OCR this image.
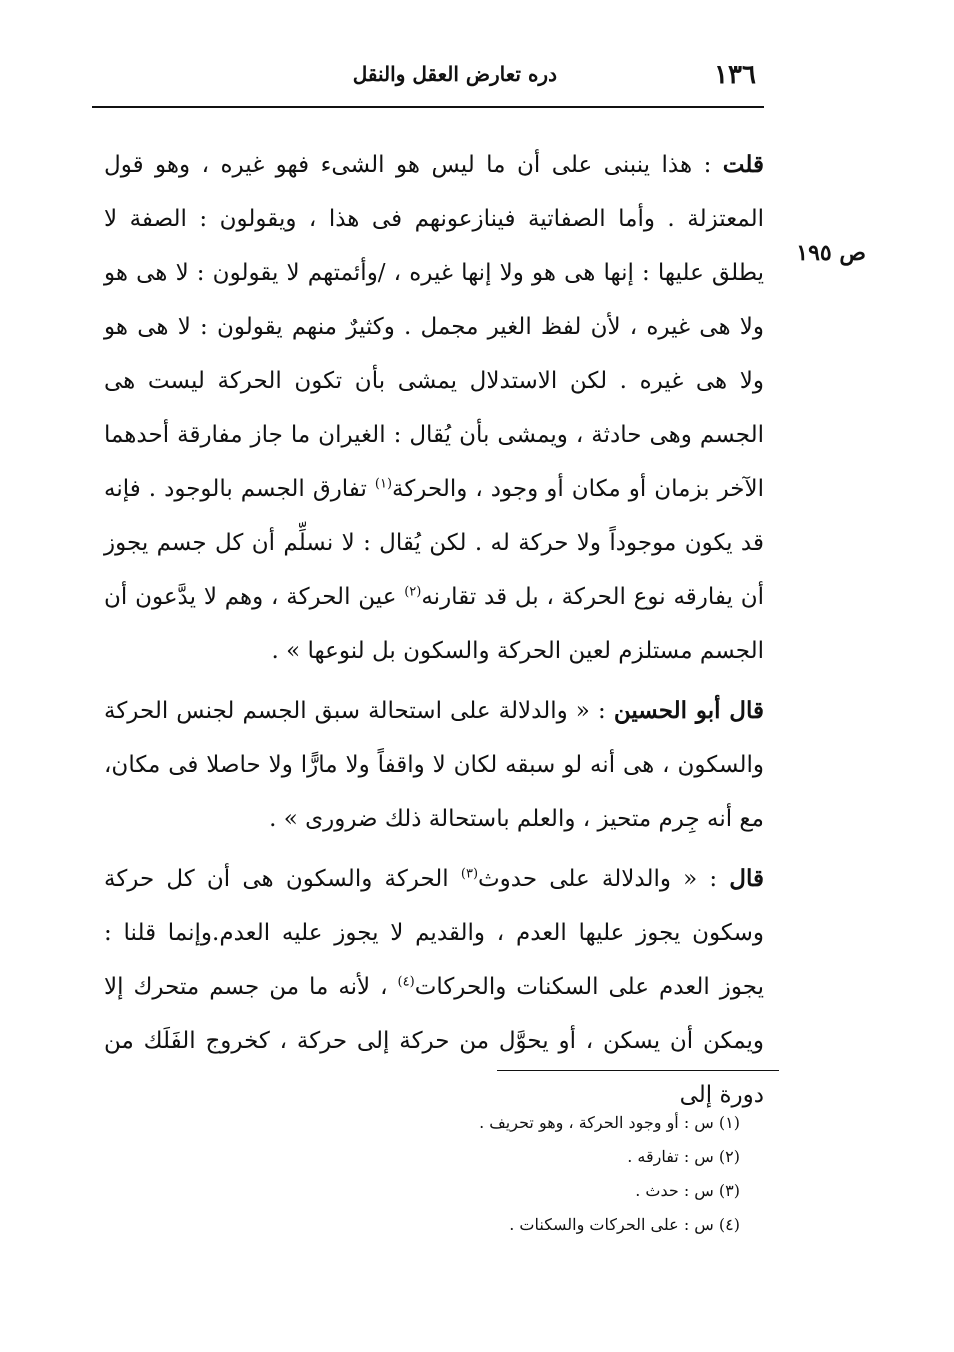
١٣٦
دره تعارض العقل والنقل
ص ١٩٥

قلت : هذا ينبنى على أن ما ليس هو الشىء فهو غيره ، وهو قول المعتزلة . وأما الصفاتية فينازعونهم فى هذا ، ويقولون : الصفة لا يطلق عليها : إنها هى هو ولا إنها غيره ، /وأئمتهم لا يقولون : لا هى هو ولا هى غيره ، لأن لفظ الغير مجمل . وكثيرٌ منهم يقولون : لا هى هو ولا هى غيره . لكن الاستدلال يمشى بأن تكون الحركة ليست هى الجسم وهى حادثة ، ويمشى بأن يُقال : الغيران ما جاز مفارقة أحدهما الآخر بزمان أو مكان أو وجود ، والحركة$^{(١)}$ تفارق الجسم بالوجود . فإنه قد يكون موجوداً ولا حركة له . لكن يُقال : لا نسلِّم أن كل جسم يجوز أن يفارقه نوع الحركة ، بل قد تقارنه$^{(٢)}$ عين الحركة ، وهم لا يدَّعون أن الجسم مستلزم لعين الحركة والسكون بل لنوعها » .

قال أبو الحسين : « والدلالة على استحالة سبق الجسم لجنس الحركة والسكون ، هى أنه لو سبقه لكان لا واقفاً ولا مارًّا ولا حاصلا فى مكان، مع أنه جِرم متحيز ، والعلم باستحالة ذلك ضرورى » .

قال : « والدلالة على حدوث$^{(٣)}$ الحركة والسكون هى أن كل حركة وسكون يجوز عليها العدم ، والقديم لا يجوز عليه العدم.وإنما قلنا : يجوز العدم على السكنات والحركات$^{(٤)}$ ، لأنه ما من جسم متحرك إلا ويمكن أن يسكن ، أو يحوَّل من حركة إلى حركة ، كخروج الفَلَك من دورة إلى

(١) س : أو وجود الحركة ، وهو تحريف .
(٢) س : تفارقه .
(٣) س : حدث .
(٤) س : على الحركات والسكنات .
